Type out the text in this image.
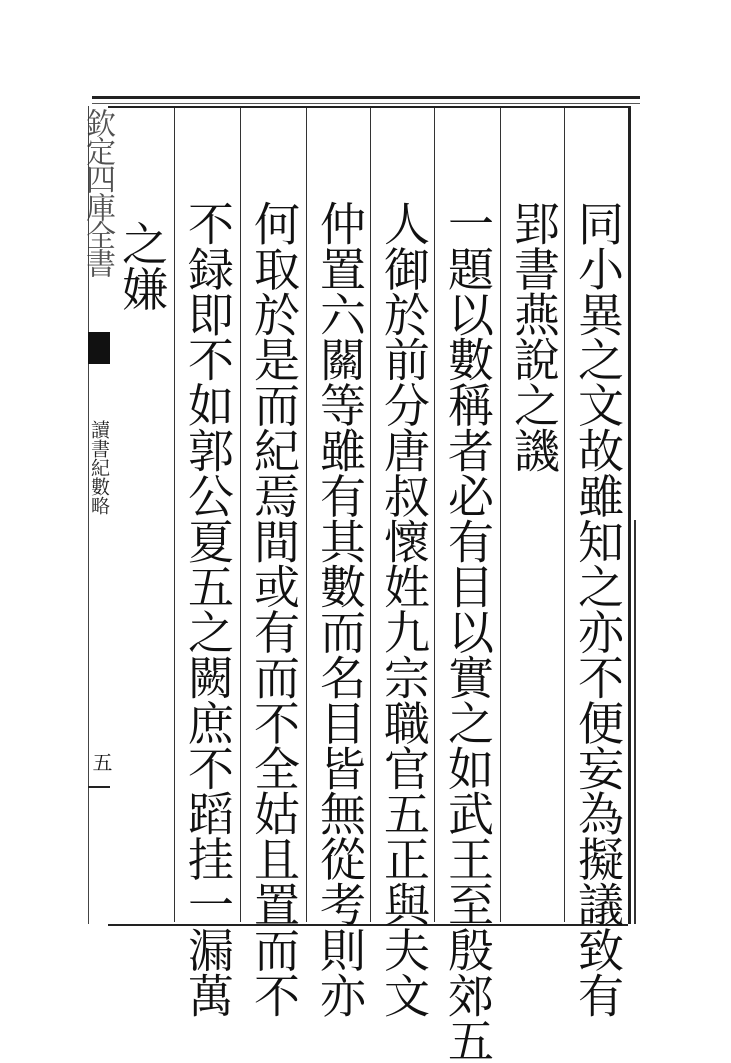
同小異之文故雖知之亦不便妄為擬議致有
郢書燕說之譏
一題以數稱者必有目以實之如武王至殷郊五
人御於前分唐叔懷姓九宗職官五正與夫文
仲置六關等雖有其數而名目皆無從考則亦
何取於是而紀焉間或有而不全姑且置而不
不録即不如郭公夏五之闕庶不蹈挂一漏萬
之嫌
欽定四庫全書
讀書紀數略
五
